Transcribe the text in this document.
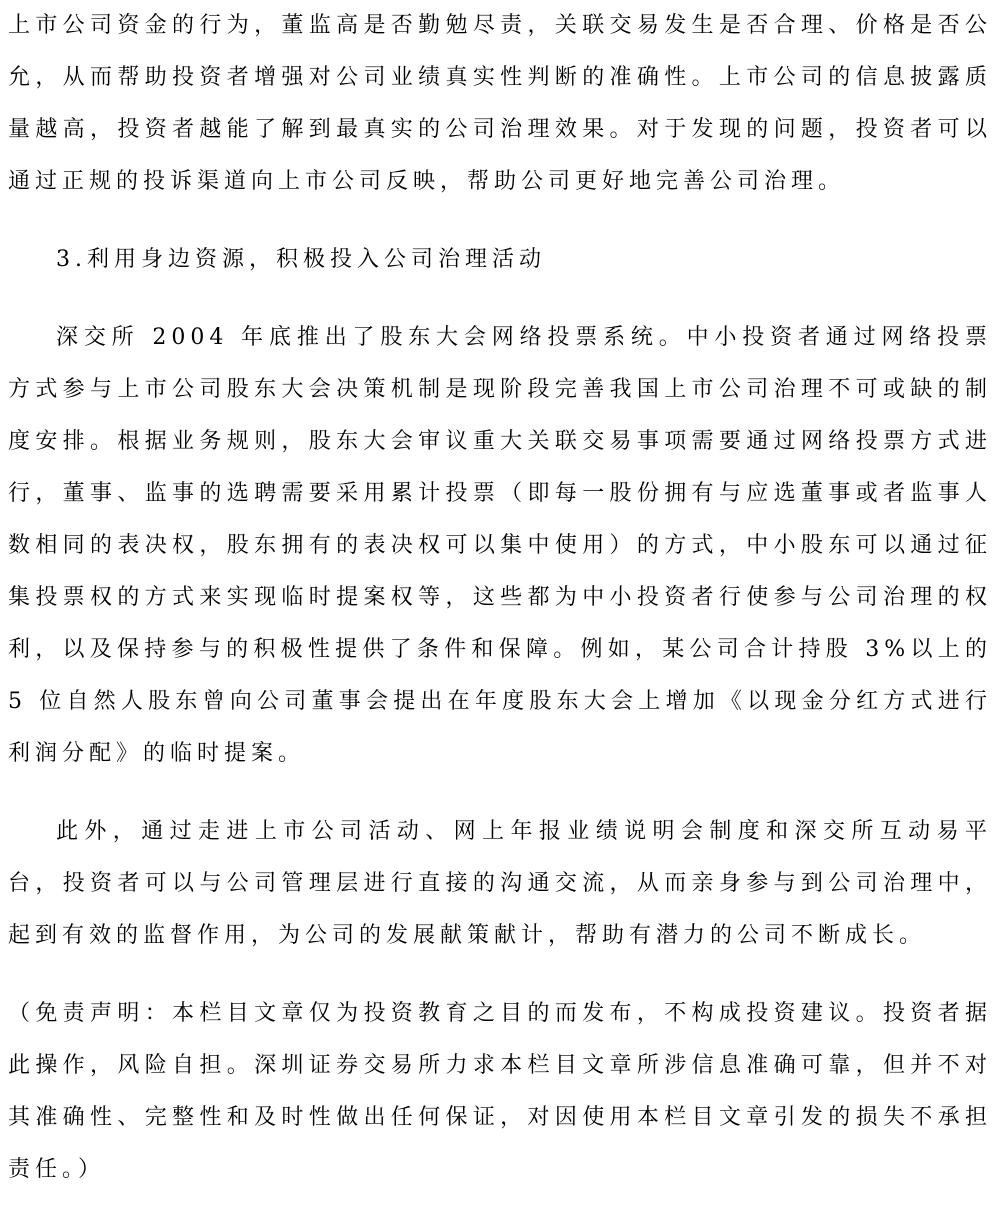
上市公司资金的行为，董监高是否勤勉尽责，关联交易发生是否合理、价格是否公允，从而帮助投资者增强对公司业绩真实性判断的准确性。上市公司的信息披露质量越高，投资者越能了解到最真实的公司治理效果。对于发现的问题，投资者可以通过正规的投诉渠道向上市公司反映，帮助公司更好地完善公司治理。

3.利用身边资源，积极投入公司治理活动

深交所 2004 年底推出了股东大会网络投票系统。中小投资者通过网络投票方式参与上市公司股东大会决策机制是现阶段完善我国上市公司治理不可或缺的制度安排。根据业务规则，股东大会审议重大关联交易事项需要通过网络投票方式进行，董事、监事的选聘需要采用累计投票（即每一股份拥有与应选董事或者监事人数相同的表决权，股东拥有的表决权可以集中使用）的方式，中小股东可以通过征集投票权的方式来实现临时提案权等，这些都为中小投资者行使参与公司治理的权利，以及保持参与的积极性提供了条件和保障。例如，某公司合计持股 3%以上的 5 位自然人股东曾向公司董事会提出在年度股东大会上增加《以现金分红方式进行利润分配》的临时提案。

此外，通过走进上市公司活动、网上年报业绩说明会制度和深交所互动易平台，投资者可以与公司管理层进行直接的沟通交流，从而亲身参与到公司治理中，起到有效的监督作用，为公司的发展献策献计，帮助有潜力的公司不断成长。

（免责声明：本栏目文章仅为投资教育之目的而发布，不构成投资建议。投资者据此操作，风险自担。深圳证券交易所力求本栏目文章所涉信息准确可靠，但并不对其准确性、完整性和及时性做出任何保证，对因使用本栏目文章引发的损失不承担责任。）
